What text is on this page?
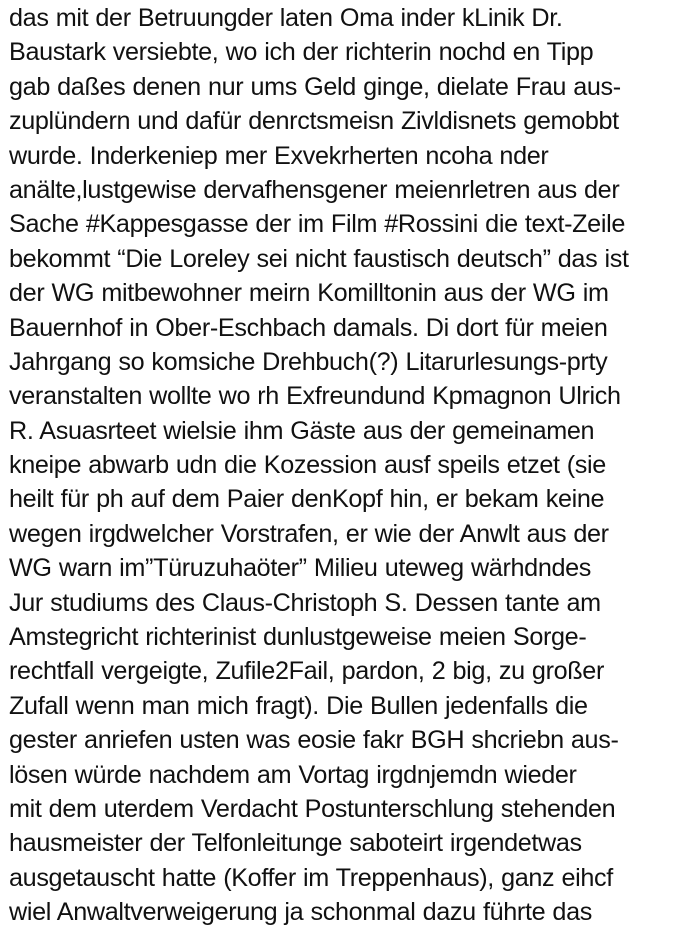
das mit der Betruungder laten Oma inder kLinik Dr.
Baustark versiebte, wo ich der richterin nochd en Tipp
gab daßes denen nur ums Geld ginge, dielate Frau aus-
zuplündern und dafür denrctsmeisn Zivldisnets gemobbt
wurde. Inderkeniep mer Exvekrherten ncoha nder
anälte,lustgewise dervafhensgener meienrletren aus der
Sache #Kappesgasse der im Film #Rossini die text-Zeile
bekommt “Die Loreley sei nicht faustisch deutsch” das ist
der WG mitbewohner meirn Komilltonin aus der WG im
Bauernhof in Ober-Eschbach damals. Di dort für meien
Jahrgang so komsiche Drehbuch(?) Litarurlesungs-prty
veranstalten wollte wo rh Exfreundund Kpmagnon Ulrich
R. Asuasrteet wielsie ihm Gäste aus der gemeinamen
kneipe abwarb udn die Kozession ausf speils etzet (sie
heilt für ph auf dem Paier denKopf hin, er bekam keine
wegen irgdwelcher Vorstrafen, er wie der Anwlt aus der
WG warn im”Türuzuhaöter” Milieu uteweg wärhdndes
Jur studiums des Claus-Christoph S. Dessen tante am
Amstegricht richterinist dunlustgeweise meien Sorge-
rechtfall vergeigte, Zufile2Fail, pardon, 2 big, zu großer
Zufall wenn man mich fragt). Die Bullen jedenfalls die
gester anriefen usten was eosie fakr BGH shcriebn aus-
lösen würde nachdem am Vortag irgdnjemdn wieder
mit dem uterdem Verdacht Postunterschlung stehenden
hausmeister der Telfonleitunge saboteirt irgendetwas
ausgetauscht hatte (Koffer im Treppenhaus), ganz eihcf
wiel Anwaltverweigerung ja schonmal dazu führte das
